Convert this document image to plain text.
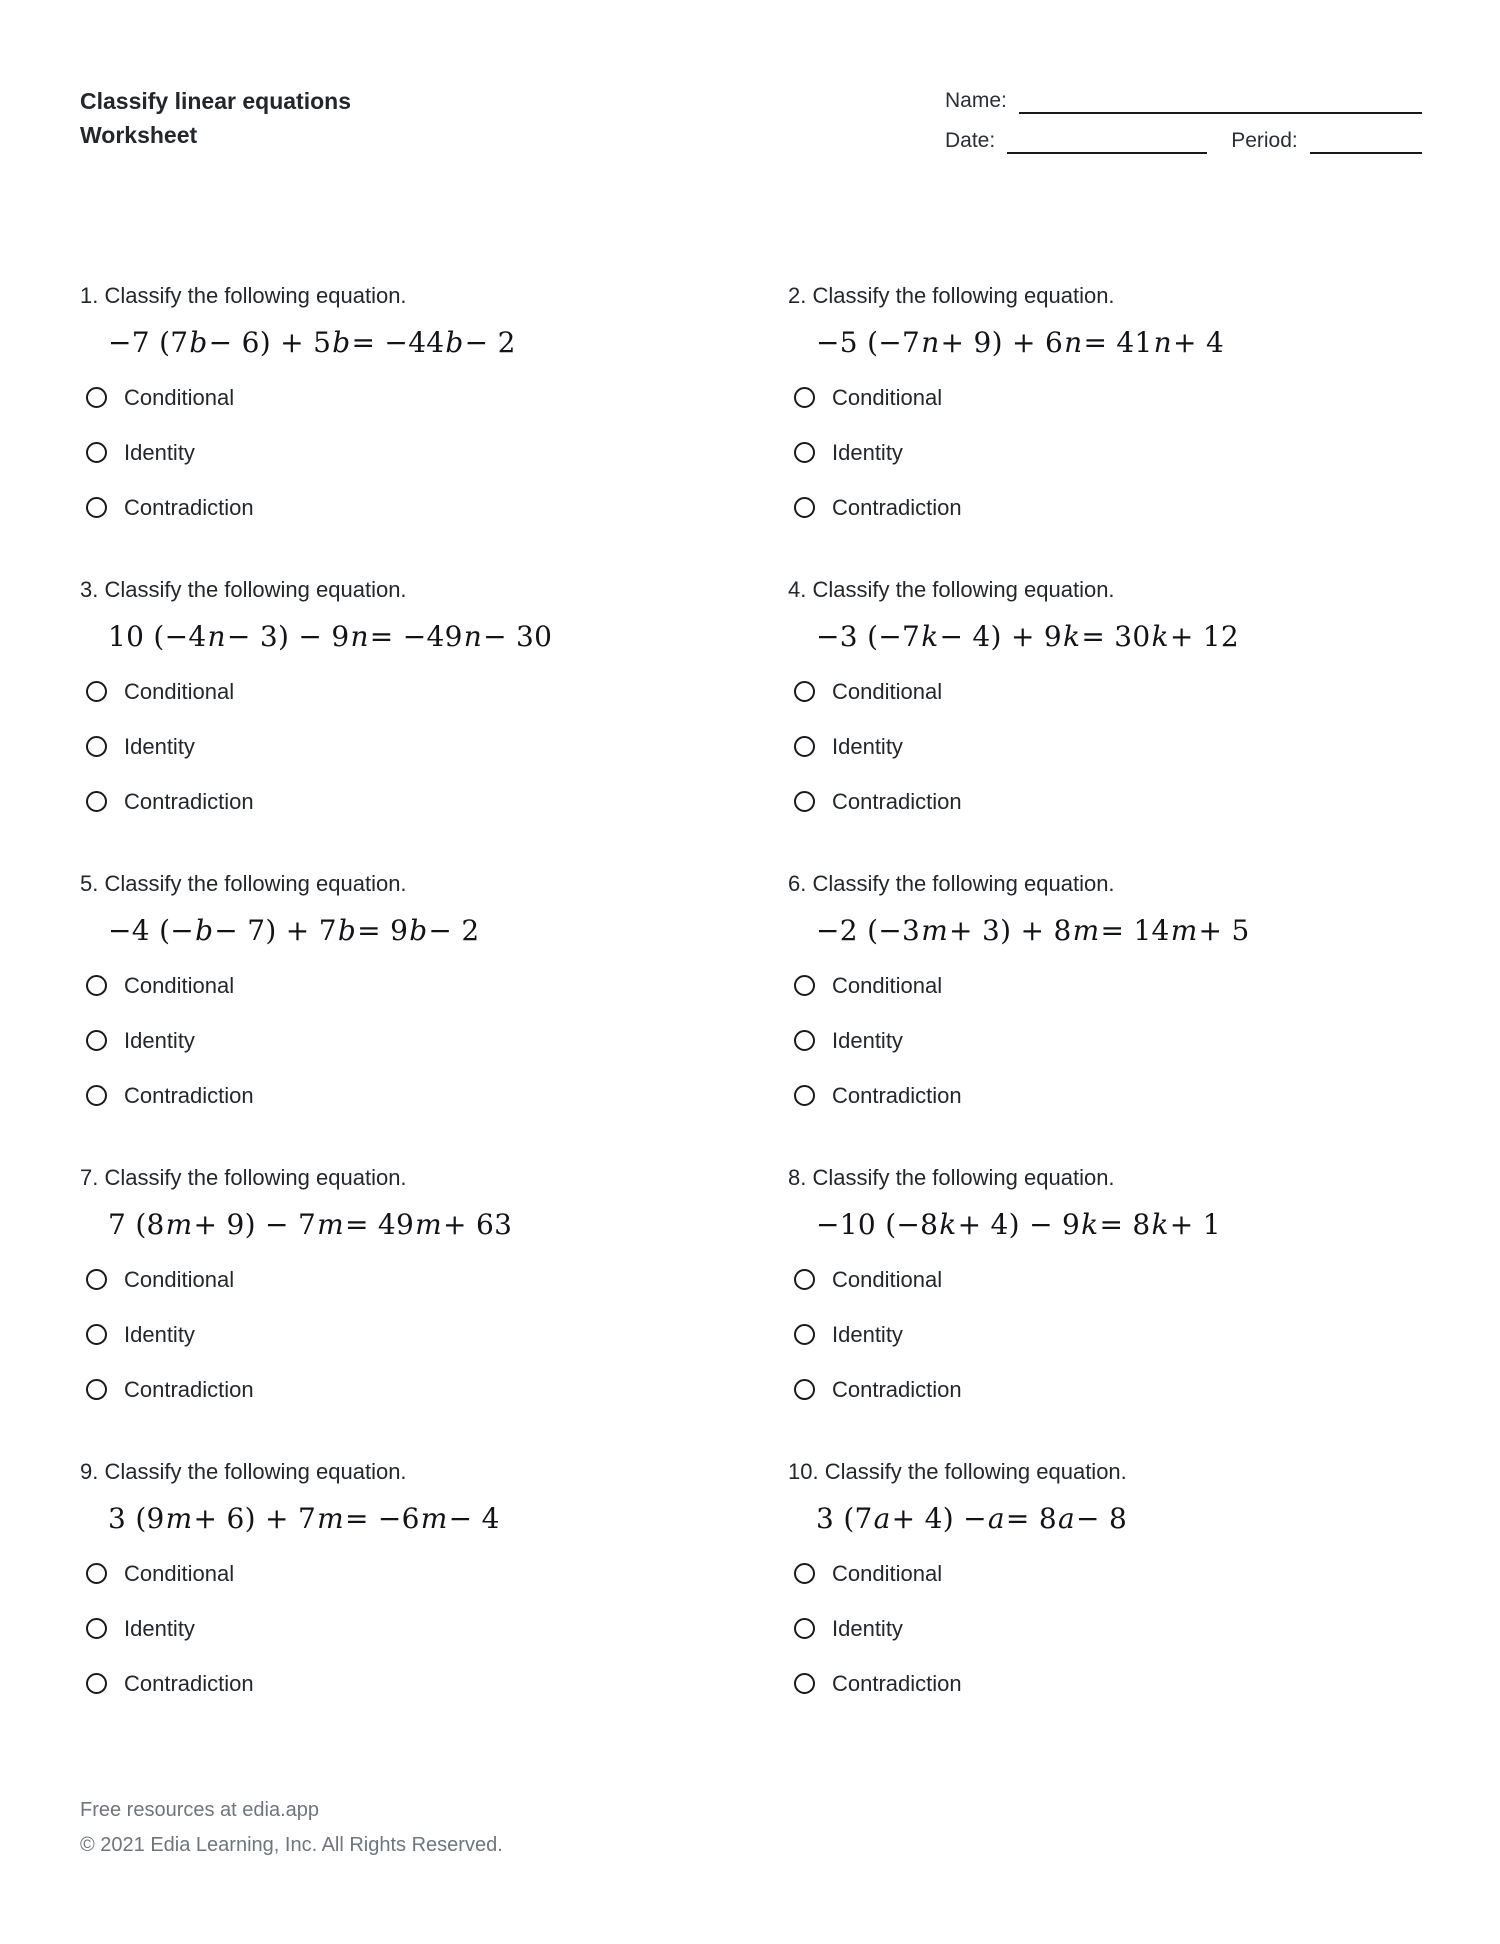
Classify linear equations
Worksheet
Name:
Date:	Period:
1. Classify the following equation.
−7 (7 b − 6) + 5 b = −44 b − 2
Conditional
Identity
Contradiction
2. Classify the following equation.
−5 (−7 n + 9) + 6 n = 41 n + 4
Conditional
Identity
Contradiction
3. Classify the following equation.
10 (−4 n − 3) − 9 n = −49 n − 30
Conditional
Identity
Contradiction
4. Classify the following equation.
−3 (−7 k − 4) + 9 k = 30 k + 12
Conditional
Identity
Contradiction
5. Classify the following equation.
−4 (− b − 7) + 7 b = 9 b − 2
Conditional
Identity
Contradiction
6. Classify the following equation.
−2 (−3 m + 3) + 8 m = 14 m + 5
Conditional
Identity
Contradiction
7. Classify the following equation.
7 (8 m + 9) − 7 m = 49 m + 63
Conditional
Identity
Contradiction
8. Classify the following equation.
−10 (−8 k + 4) − 9 k = 8 k + 1
Conditional
Identity
Contradiction
9. Classify the following equation.
3 (9 m + 6) + 7 m = −6 m − 4
Conditional
Identity
Contradiction
10. Classify the following equation.
3 (7 a + 4) − a = 8 a − 8
Conditional
Identity
Contradiction
Free resources at edia.app
© 2021 Edia Learning, Inc. All Rights Reserved.
